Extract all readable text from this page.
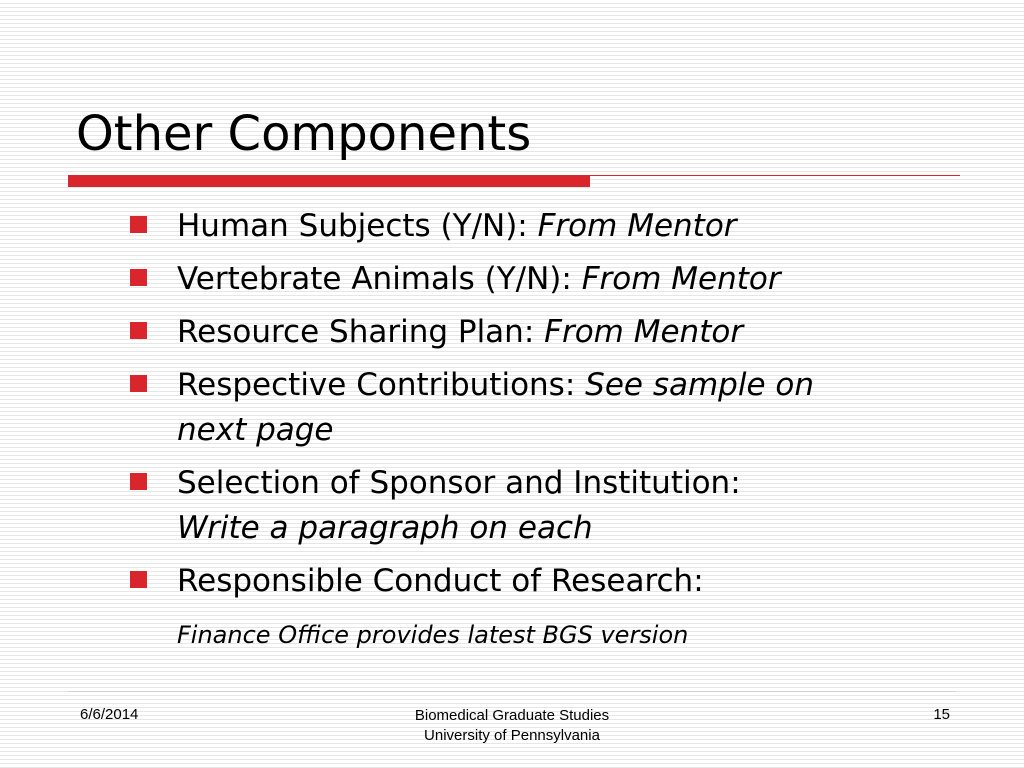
Other Components
Human Subjects (Y/N): From Mentor
Vertebrate Animals (Y/N): From Mentor
Resource Sharing Plan: From Mentor
Respective Contributions: See sample on
next page
Selection of Sponsor and Institution:
Write a paragraph on each
Responsible Conduct of Research:
Finance Office provides latest BGS version
6/6/2014	Biomedical Graduate Studies
University of Pennsylvania
15
